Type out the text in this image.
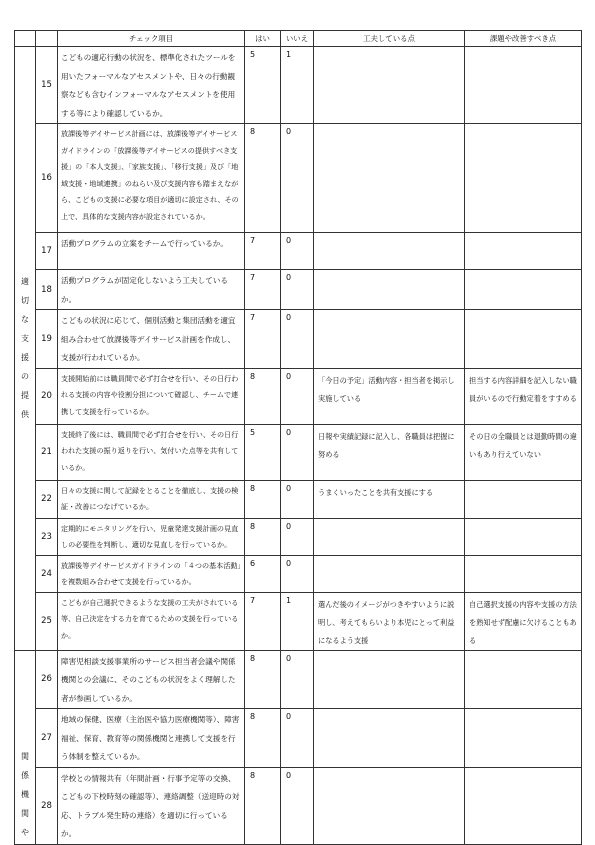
		チェック項目	はい	いいえ	工夫している点	課題や改善すべき点

適切な支援の提供	15	こどもの適応行動の状況を、標準化されたツールを用いたフォーマルなアセスメントや、日々の行動観察なども含むインフォーマルなアセスメントを使用する等により確認しているか。	5	1		
	16	放課後等デイサービス計画には、放課後等デイサービスガイドラインの「放課後等デイサービスの提供すべき支援」の「本人支援」、「家族支援」、「移行支援」及び「地域支援・地域連携」のねらい及び支援内容も踏まえながら、こどもの支援に必要な項目が適切に設定され、その上で、具体的な支援内容が設定されているか。	8	0		
	17	活動プログラムの立案をチームで行っているか。	7	0		
	18	活動プログラムが固定化しないよう工夫しているか。	7	0		
	19	こどもの状況に応じて、個別活動と集団活動を適宜組み合わせて放課後等デイサービス計画を作成し、支援が行われているか。	7	0		
	20	支援開始前には職員間で必ず打合せを行い、その日行われる支援の内容や役割分担について確認し、チームで連携して支援を行っているか。	8	0	「今日の予定」活動内容・担当者を掲示し実施している	担当する内容詳細を記入しない職員がいるので行動定着をすすめる
	21	支援終了後には、職員間で必ず打合せを行い、その日行われた支援の振り返りを行い、気付いた点等を共有しているか。	5	0	日報や実績記録に記入し、各職員は把握に努める	その日の全職員とは退勤時間の違いもあり行えていない
	22	日々の支援に関して記録をとることを徹底し、支援の検証・改善につなげているか。	8	0	うまくいったことを共有支援にする	
	23	定期的にモニタリングを行い、児童発達支援計画の見直しの必要性を判断し、適切な見直しを行っているか。	8	0		
	24	放課後等デイサービスガイドラインの「４つの基本活動」を複数組み合わせて支援を行っているか。	6	0		
	25	こどもが自己選択できるような支援の工夫がされている等、自己決定をする力を育てるための支援を行っているか。	7	1	選んだ後のイメージがつきやすいように説明し、考えてもらいより本児にとって利益になるよう支援	自己選択支援の内容や支援の方法を熟知せず配慮に欠けることもある

関係機関や	26	障害児相談支援事業所のサービス担当者会議や関係機関との会議に、そのこどもの状況をよく理解した者が参画しているか。	8	0		
	27	地域の保健、医療（主治医や協力医療機関等）、障害福祉、保育、教育等の関係機関と連携して支援を行う体制を整えているか。	8	0		
	28	学校との情報共有（年間計画・行事予定等の交換、こどもの下校時刻の確認等）、連絡調整（送迎時の対応、トラブル発生時の連絡）を適切に行っているか。	8	0		
